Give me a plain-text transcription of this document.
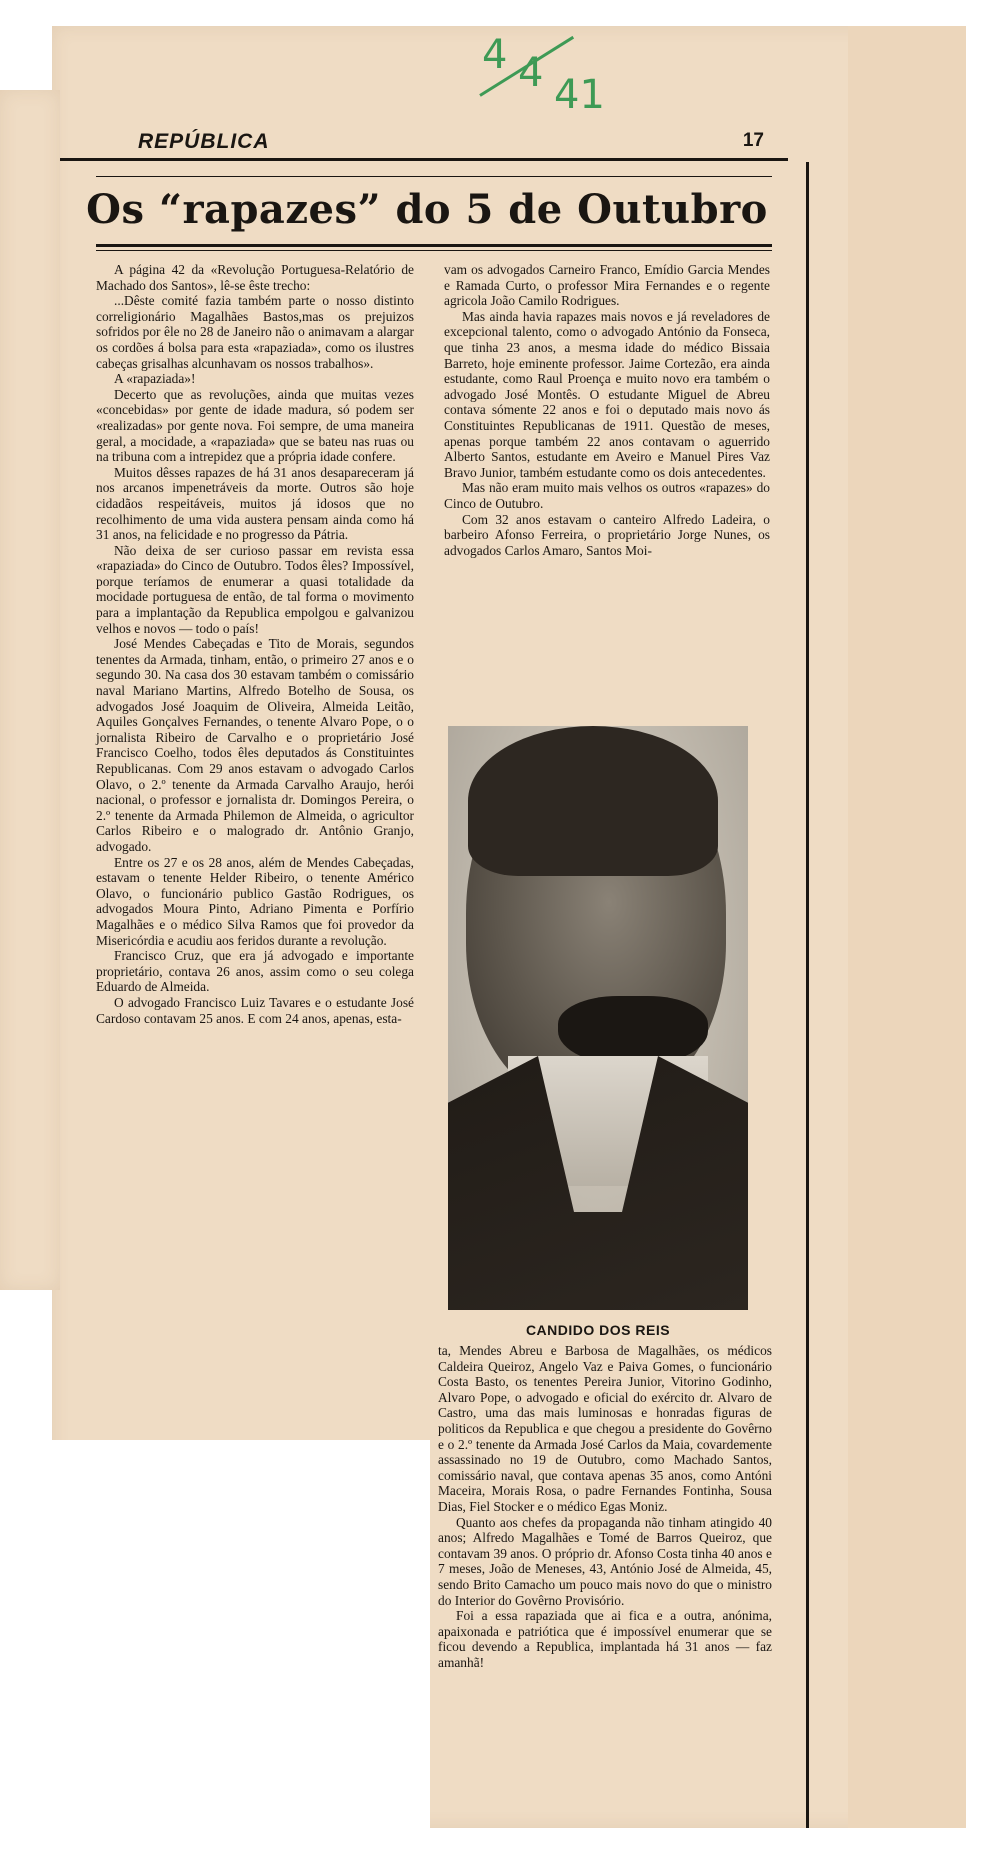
4 4 41
REPÚBLICA	17
Os “rapazes” do 5 de Outubro

A página 42 da «Revolução Portuguesa-Relatório de Machado dos Santos», lê-se êste trecho:

...Dêste comité fazia também parte o nosso distinto correligionário Magalhães Bastos,mas os prejuizos sofridos por êle no 28 de Janeiro não o animavam a alargar os cordões á bolsa para esta «rapaziada», como os ilustres cabeças grisalhas alcunhavam os nossos trabalhos».

A «rapaziada»!

Decerto que as revoluções, ainda que muitas vezes «concebidas» por gente de idade madura, só podem ser «realizadas» por gente nova. Foi sempre, de uma maneira geral, a mocidade, a «rapaziada» que se bateu nas ruas ou na tribuna com a intrepidez que a própria idade confere.

Muitos dêsses rapazes de há 31 anos desapareceram já nos arcanos impenetráveis da morte. Outros são hoje cidadãos respeitáveis, muitos já idosos que no recolhimento de uma vida austera pensam ainda como há 31 anos, na felicidade e no progresso da Pátria.

Não deixa de ser curioso passar em revista essa «rapaziada» do Cinco de Outubro. Todos êles? Impossível, porque teríamos de enumerar a quasi totalidade da mocidade portuguesa de então, de tal forma o movimento para a implantação da Republica empolgou e galvanizou velhos e novos — todo o país!

José Mendes Cabeçadas e Tito de Morais, segundos tenentes da Armada, tinham, então, o primeiro 27 anos e o segundo 30. Na casa dos 30 estavam também o comissário naval Mariano Martins, Alfredo Botelho de Sousa, os advogados José Joaquim de Oliveira, Almeida Leitão, Aquiles Gonçalves Fernandes, o tenente Alvaro Pope, o o jornalista Ribeiro de Carvalho e o proprietário José Francisco Coelho, todos êles deputados ás Constituintes Republicanas. Com 29 anos estavam o advogado Carlos Olavo, o 2.º tenente da Armada Carvalho Araujo, herói nacional, o professor e jornalista dr. Domingos Pereira, o 2.º tenente da Armada Philemon de Almeida, o agricultor Carlos Ribeiro e o malogrado dr. Antônio Granjo, advogado.

Entre os 27 e os 28 anos, além de Mendes Cabeçadas, estavam o tenente Helder Ribeiro, o tenente Américo Olavo, o funcionário publico Gastão Rodrigues, os advogados Moura Pinto, Adriano Pimenta e Porfírio Magalhães e o médico Silva Ramos que foi provedor da Misericórdia e acudiu aos feridos durante a revolução.

Francisco Cruz, que era já advogado e importante proprietário, contava 26 anos, assim como o seu colega Eduardo de Almeida.

O advogado Francisco Luiz Tavares e o estudante José Cardoso contavam 25 anos. E com 24 anos, apenas, esta-

vam os advogados Carneiro Franco, Emídio Garcia Mendes e Ramada Curto, o professor Mira Fernandes e o regente agricola João Camilo Rodrigues.

Mas ainda havia rapazes mais novos e já reveladores de excepcional talento, como o advogado António da Fonseca, que tinha 23 anos, a mesma idade do médico Bissaia Barreto, hoje eminente professor. Jaime Cortezão, era ainda estudante, como Raul Proença e muito novo era também o advogado José Montês. O estudante Miguel de Abreu contava sómente 22 anos e foi o deputado mais novo ás Constituintes Republicanas de 1911. Questão de meses, apenas porque também 22 anos contavam o aguerrido Alberto Santos, estudante em Aveiro e Manuel Pires Vaz Bravo Junior, também estudante como os dois antecedentes.

Mas não eram muito mais velhos os outros «rapazes» do Cinco de Outubro.

Com 32 anos estavam o canteiro Alfredo Ladeira, o barbeiro Afonso Ferreira, o proprietário Jorge Nunes, os advogados Carlos Amaro, Santos Moi-

CANDIDO DOS REIS

ta, Mendes Abreu e Barbosa de Magalhães, os médicos Caldeira Queiroz, Angelo Vaz e Paiva Gomes, o funcionário Costa Basto, os tenentes Pereira Junior, Vitorino Godinho, Alvaro Pope, o advogado e oficial do exército dr. Alvaro de Castro, uma das mais luminosas e honradas figuras de politicos da Republica e que chegou a presidente do Govêrno e o 2.º tenente da Armada José Carlos da Maia, covardemente assassinado no 19 de Outubro, como Machado Santos, comissário naval, que contava apenas 35 anos, como Antóni Maceira, Morais Rosa, o padre Fernandes Fontinha, Sousa Dias, Fiel Stocker e o médico Egas Moniz.

Quanto aos chefes da propaganda não tinham atingido 40 anos; Alfredo Magalhães e Tomé de Barros Queiroz, que contavam 39 anos. O próprio dr. Afonso Costa tinha 40 anos e 7 meses, João de Meneses, 43, António José de Almeida, 45, sendo Brito Camacho um pouco mais novo do que o ministro do Interior do Govêrno Provisório.

Foi a essa rapaziada que ai fica e a outra, anónima, apaixonada e patriótica que é impossível enumerar que se ficou devendo a Republica, implantada há 31 anos — faz amanhã!
